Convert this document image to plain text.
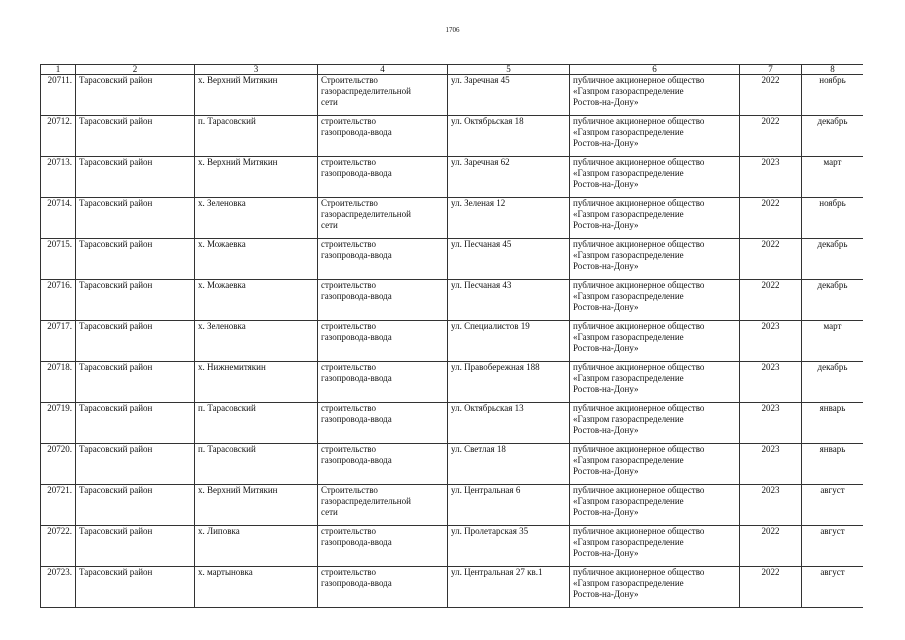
1706
1	2	3	4	5	6	7	8
20711.	Тарасовский район	х. Верхний Митякин	Строительство
газораспределительной
сети	ул. Заречная 45	публичное акционерное общество
«Газпром газораспределение
Ростов-на-Дону»	2022	ноябрь
20712.	Тарасовский район	п. Тарасовский	строительство
газопровода-ввода	ул. Октябрьская 18	публичное акционерное общество
«Газпром газораспределение
Ростов-на-Дону»	2022	декабрь
20713.	Тарасовский район	х. Верхний Митякин	строительство
газопровода-ввода	ул. Заречная 62	публичное акционерное общество
«Газпром газораспределение
Ростов-на-Дону»	2023	март
20714.	Тарасовский район	х. Зеленовка	Строительство
газораспределительной
сети	ул. Зеленая 12	публичное акционерное общество
«Газпром газораспределение
Ростов-на-Дону»	2022	ноябрь
20715.	Тарасовский район	х. Можаевка	строительство
газопровода-ввода	ул. Песчаная 45	публичное акционерное общество
«Газпром газораспределение
Ростов-на-Дону»	2022	декабрь
20716.	Тарасовский район	х. Можаевка	строительство
газопровода-ввода	ул. Песчаная 43	публичное акционерное общество
«Газпром газораспределение
Ростов-на-Дону»	2022	декабрь
20717.	Тарасовский район	х. Зеленовка	строительство
газопровода-ввода	ул. Специалистов 19	публичное акционерное общество
«Газпром газораспределение
Ростов-на-Дону»	2023	март
20718.	Тарасовский район	х. Нижнемитякин	строительство
газопровода-ввода	ул. Правобережная 188	публичное акционерное общество
«Газпром газораспределение
Ростов-на-Дону»	2023	декабрь
20719.	Тарасовский район	п. Тарасовский	строительство
газопровода-ввода	ул. Октябрьская 13	публичное акционерное общество
«Газпром газораспределение
Ростов-на-Дону»	2023	январь
20720.	Тарасовский район	п. Тарасовский	строительство
газопровода-ввода	ул. Светлая 18	публичное акционерное общество
«Газпром газораспределение
Ростов-на-Дону»	2023	январь
20721.	Тарасовский район	х. Верхний Митякин	Строительство
газораспределительной
сети	ул. Центральная 6	публичное акционерное общество
«Газпром газораспределение
Ростов-на-Дону»	2023	август
20722.	Тарасовский район	х. Липовка	строительство
газопровода-ввода	ул. Пролетарская 35	публичное акционерное общество
«Газпром газораспределение
Ростов-на-Дону»	2022	август
20723.	Тарасовский район	х. мартыновка	строительство
газопровода-ввода	ул. Центральная 27 кв.1	публичное акционерное общество
«Газпром газораспределение
Ростов-на-Дону»	2022	август
